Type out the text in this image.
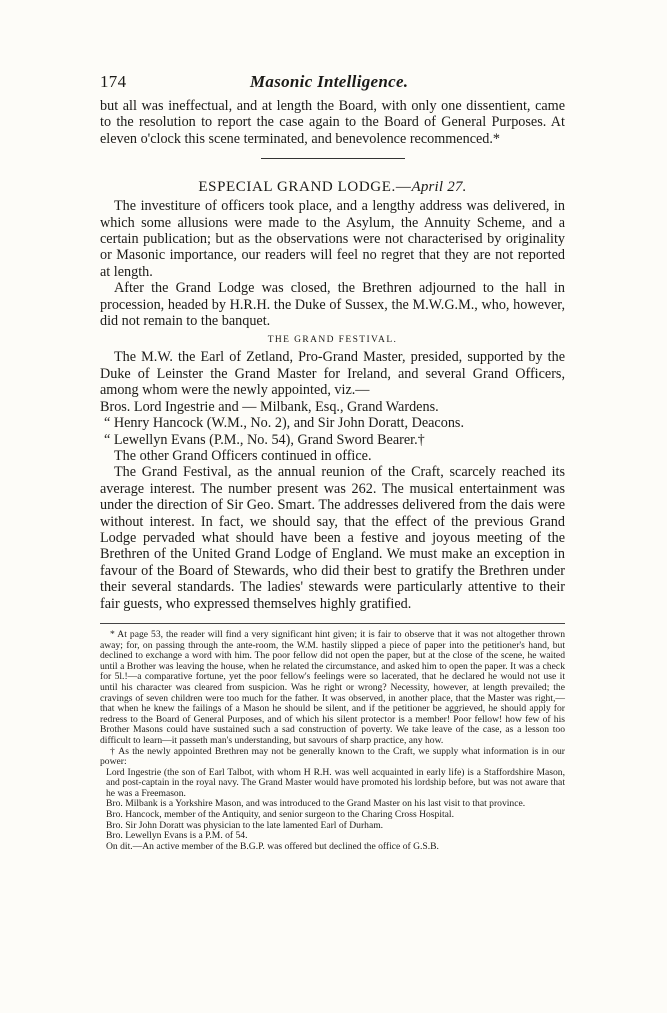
174	Masonic Intelligence.

but all was ineffectual, and at length the Board, with only one dissentient, came to the resolution to report the case again to the Board of General Purposes. At eleven o'clock this scene terminated, and benevolence recommenced.*

ESPECIAL GRAND LODGE.—April 27.

The investiture of officers took place, and a lengthy address was delivered, in which some allusions were made to the Asylum, the Annuity Scheme, and a certain publication; but as the observations were not characterised by originality or Masonic importance, our readers will feel no regret that they are not reported at length.

After the Grand Lodge was closed, the Brethren adjourned to the hall in procession, headed by H.R.H. the Duke of Sussex, the M.W.G.M., who, however, did not remain to the banquet.

THE GRAND FESTIVAL.

The M.W. the Earl of Zetland, Pro-Grand Master, presided, supported by the Duke of Leinster the Grand Master for Ireland, and several Grand Officers, among whom were the newly appointed, viz.—

Bros. Lord Ingestrie and — Milbank, Esq., Grand Wardens.
“ Henry Hancock (W.M., No. 2), and Sir John Doratt, Deacons.
“ Lewellyn Evans (P.M., No. 54), Grand Sword Bearer.†

The other Grand Officers continued in office.

The Grand Festival, as the annual reunion of the Craft, scarcely reached its average interest. The number present was 262. The musical entertainment was under the direction of Sir Geo. Smart. The addresses delivered from the dais were without interest. In fact, we should say, that the effect of the previous Grand Lodge pervaded what should have been a festive and joyous meeting of the Brethren of the United Grand Lodge of England. We must make an exception in favour of the Board of Stewards, who did their best to gratify the Brethren under their several standards. The ladies' stewards were particularly attentive to their fair guests, who expressed themselves highly gratified.

* At page 53, the reader will find a very significant hint given; it is fair to observe that it was not altogether thrown away; for, on passing through the ante-room, the W.M. hastily slipped a piece of paper into the petitioner's hand, but declined to exchange a word with him. The poor fellow did not open the paper, but at the close of the scene, he waited until a Brother was leaving the house, when he related the circumstance, and asked him to open the paper. It was a check for 5l.!—a comparative fortune, yet the poor fellow's feelings were so lacerated, that he declared he would not use it until his character was cleared from suspicion. Was he right or wrong? Necessity, however, at length prevailed; the cravings of seven children were too much for the father. It was observed, in another place, that the Master was right,—that when he knew the failings of a Mason he should be silent, and if the petitioner be aggrieved, he should apply for redress to the Board of General Purposes, and of which his silent protector is a member! Poor fellow! how few of his Brother Masons could have sustained such a sad construction of poverty. We take leave of the case, as a lesson too difficult to learn—it passeth man's understanding, but savours of sharp practice, any how.

† As the newly appointed Brethren may not be generally known to the Craft, we supply what information is in our power:

Lord Ingestrie (the son of Earl Talbot, with whom H R.H. was well acquainted in early life) is a Staffordshire Mason, and post-captain in the royal navy. The Grand Master would have promoted his lordship before, but was not aware that he was a Freemason.

Bro. Milbank is a Yorkshire Mason, and was introduced to the Grand Master on his last visit to that province.

Bro. Hancock, member of the Antiquity, and senior surgeon to the Charing Cross Hospital.

Bro. Sir John Doratt was physician to the late lamented Earl of Durham.

Bro. Lewellyn Evans is a P.M. of 54.

On dit.—An active member of the B.G.P. was offered but declined the office of G.S.B.
